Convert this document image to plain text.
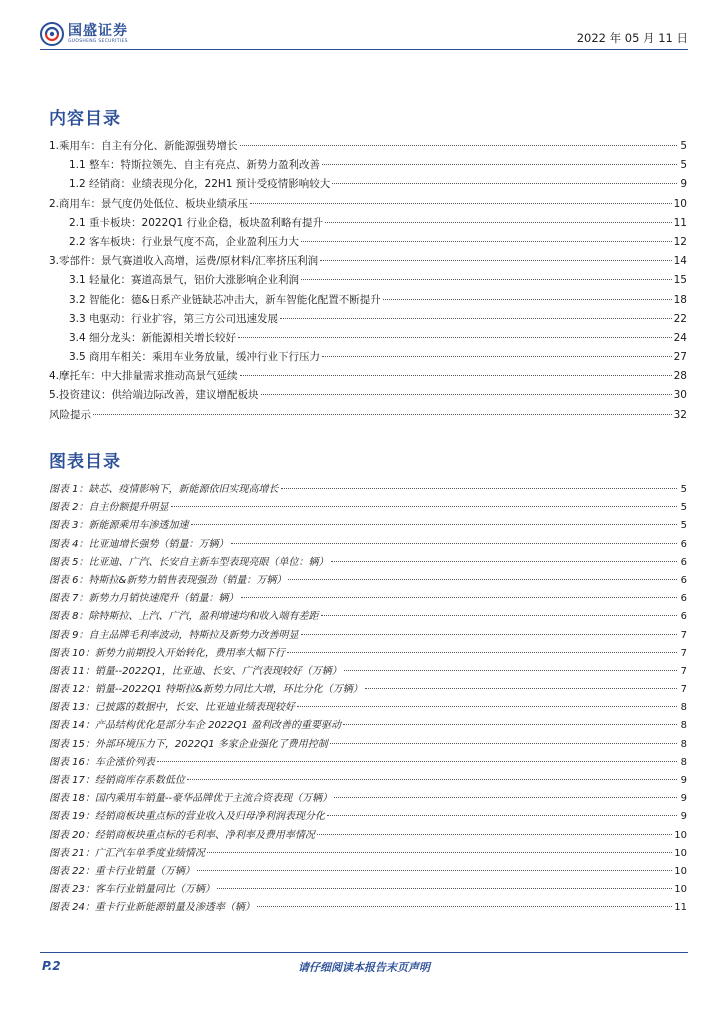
国盛证券
GUOSHENG SECURITIES	2022 年 05 月 11 日
内容目录
1.乘用车：自主有分化、新能源强势增长	5
1.1 整车：特斯拉领先、自主有亮点、新势力盈利改善	5
1.2 经销商：业绩表现分化，22H1 预计受疫情影响较大	9
2.商用车：景气度仍处低位、板块业绩承压	10
2.1 重卡板块：2022Q1 行业企稳，板块盈利略有提升	11
2.2 客车板块：行业景气度不高，企业盈利压力大	12
3.零部件：景气赛道收入高增，运费/原材料/汇率挤压利润	14
3.1 轻量化：赛道高景气，铝价大涨影响企业利润	15
3.2 智能化：德&日系产业链缺芯冲击大，新车智能化配置不断提升	18
3.3 电驱动：行业扩容，第三方公司迅速发展	22
3.4 细分龙头：新能源相关增长较好	24
3.5 商用车相关：乘用车业务放量，缓冲行业下行压力	27
4.摩托车：中大排量需求推动高景气延续	28
5.投资建议：供给端边际改善，建议增配板块	30
风险提示	32
图表目录
图表 1：缺芯、疫情影响下，新能源依旧实现高增长	5
图表 2：自主份额提升明显	5
图表 3：新能源乘用车渗透加速	5
图表 4：比亚迪增长强势（销量：万辆）	6
图表 5：比亚迪、广汽、长安自主新车型表现亮眼（单位：辆）	6
图表 6：特斯拉&新势力销售表现强劲（销量：万辆）	6
图表 7：新势力月销快速爬升（销量：辆）	6
图表 8：除特斯拉、上汽、广汽，盈利增速均和收入端有差距	6
图表 9：自主品牌毛利率波动，特斯拉及新势力改善明显	7
图表 10：新势力前期投入开始转化，费用率大幅下行	7
图表 11：销量--2022Q1，比亚迪、长安、广汽表现较好（万辆）	7
图表 12：销量--2022Q1 特斯拉&新势力同比大增，环比分化（万辆）	7
图表 13：已披露的数据中，长安、比亚迪业绩表现较好	8
图表 14：产品结构优化是部分车企 2022Q1 盈利改善的重要驱动	8
图表 15：外部环境压力下，2022Q1 多家企业强化了费用控制	8
图表 16：车企涨价列表	8
图表 17：经销商库存系数低位	9
图表 18：国内乘用车销量--豪华品牌优于主流合资表现（万辆）	9
图表 19：经销商板块重点标的营业收入及归母净利润表现分化	9
图表 20：经销商板块重点标的毛利率、净利率及费用率情况	10
图表 21：广汇汽车单季度业绩情况	10
图表 22：重卡行业销量（万辆）	10
图表 23：客车行业销量同比（万辆）	10
图表 24：重卡行业新能源销量及渗透率（辆）	11
P.2	请仔细阅读本报告末页声明
